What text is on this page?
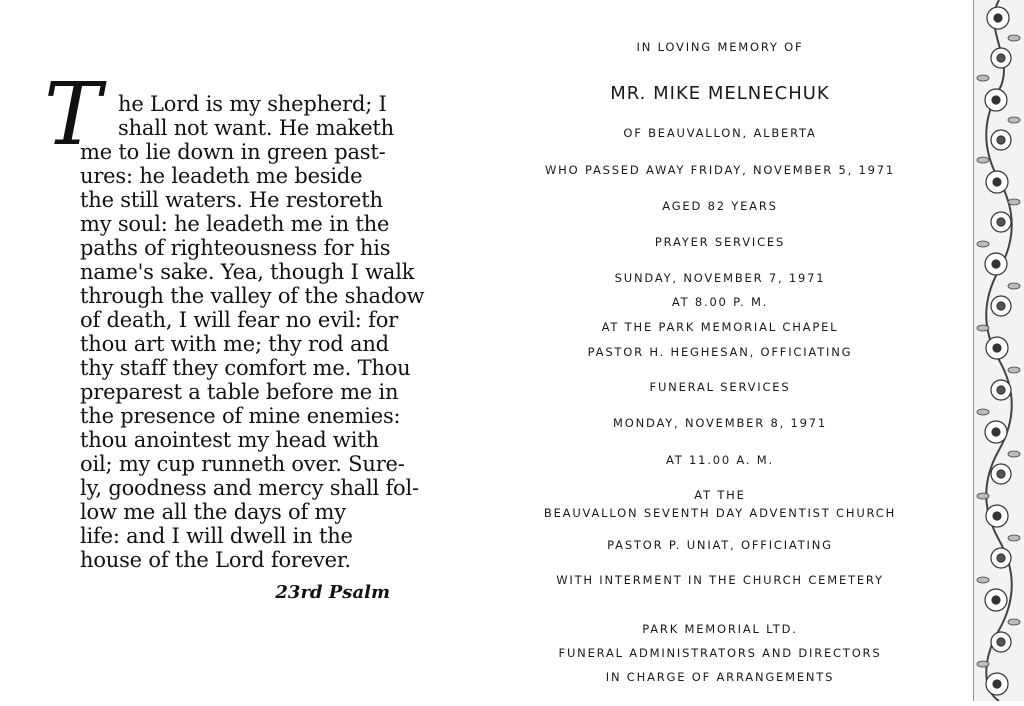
T he Lord is my shepherd; I
shall not want. He maketh
me to lie down in green past-
ures: he leadeth me beside
the still waters. He restoreth
my soul: he leadeth me in the
paths of righteousness for his
name's sake. Yea, though I walk
through the valley of the shadow
of death, I will fear no evil: for
thou art with me; thy rod and
thy staff they comfort me. Thou
preparest a table before me in
the presence of mine enemies:
thou anointest my head with
oil; my cup runneth over. Sure-
ly, goodness and mercy shall fol-
low me all the days of my
life: and I will dwell in the
house of the Lord forever.
23rd Psalm
IN LOVING MEMORY OF
MR. MIKE MELNECHUK
OF BEAUVALLON, ALBERTA
WHO PASSED AWAY FRIDAY, NOVEMBER 5, 1971
AGED 82 YEARS
PRAYER SERVICES
SUNDAY, NOVEMBER 7, 1971
AT 8.00 P. M.
AT THE PARK MEMORIAL CHAPEL
PASTOR H. HEGHESAN, OFFICIATING
FUNERAL SERVICES
MONDAY, NOVEMBER 8, 1971
AT 11.00 A. M.
AT THE
BEAUVALLON SEVENTH DAY ADVENTIST CHURCH
PASTOR P. UNIAT, OFFICIATING
WITH INTERMENT IN THE CHURCH CEMETERY
PARK MEMORIAL LTD.
FUNERAL ADMINISTRATORS AND DIRECTORS
IN CHARGE OF ARRANGEMENTS
